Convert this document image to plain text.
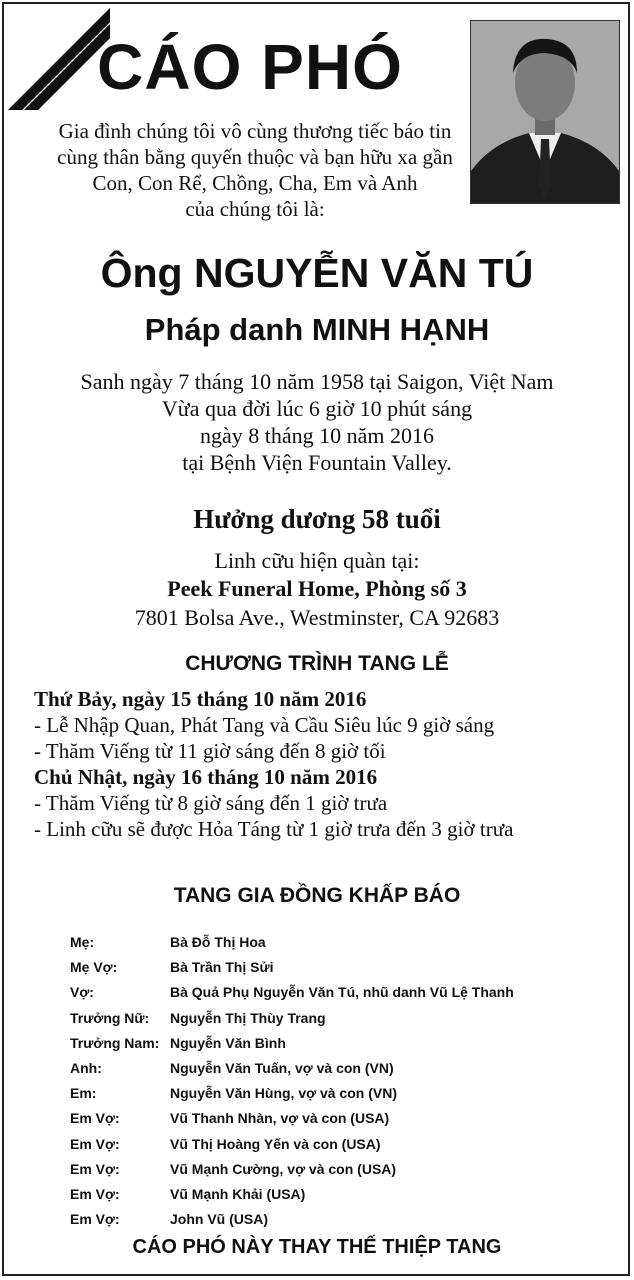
CÁO PHÓ
Gia đình chúng tôi vô cùng thương tiếc báo tin
cùng thân bằng quyến thuộc và bạn hữu xa gần
Con, Con Rể, Chồng, Cha, Em và Anh
của chúng tôi là:
Ông NGUYỄN VĂN TÚ
Pháp danh MINH HẠNH
Sanh ngày 7 tháng 10 năm 1958 tại Saigon, Việt Nam
Vừa qua đời lúc 6 giờ 10 phút sáng
ngày 8 tháng 10 năm 2016
tại Bệnh Viện Fountain Valley.
Hưởng dương 58 tuổi
Linh cữu hiện quàn tại:
Peek Funeral Home, Phòng số 3
7801 Bolsa Ave., Westminster, CA 92683
CHƯƠNG TRÌNH TANG LỄ
Thứ Bảy, ngày 15 tháng 10 năm 2016
- Lễ Nhập Quan, Phát Tang và Cầu Siêu lúc 9 giờ sáng
- Thăm Viếng từ 11 giờ sáng đến 8 giờ tối
Chủ Nhật, ngày 16 tháng 10 năm 2016
- Thăm Viếng từ 8 giờ sáng đến 1 giờ trưa
- Linh cữu sẽ được Hỏa Táng từ 1 giờ trưa đến 3 giờ trưa
TANG GIA ĐỒNG KHẤP BÁO
Mẹ:	Bà Đỗ Thị Hoa
Mẹ Vợ:	Bà Trần Thị Sửi
Vợ:	Bà Quả Phụ Nguyễn Văn Tú, nhũ danh Vũ Lệ Thanh
Trưởng Nữ:	Nguyễn Thị Thùy Trang
Trưởng Nam: Nguyễn Văn Bình
Anh:	Nguyễn Văn Tuấn, vợ và con (VN)
Em:	Nguyễn Văn Hùng, vợ và con (VN)
Em Vợ:	Vũ Thanh Nhàn, vợ và con (USA)
Em Vợ:	Vũ Thị Hoàng Yến và con (USA)
Em Vợ:	Vũ Mạnh Cường, vợ và con (USA)
Em Vợ:	Vũ Mạnh Khải (USA)
Em Vợ:	John Vũ (USA)
CÁO PHÓ NÀY THAY THẾ THIỆP TANG
